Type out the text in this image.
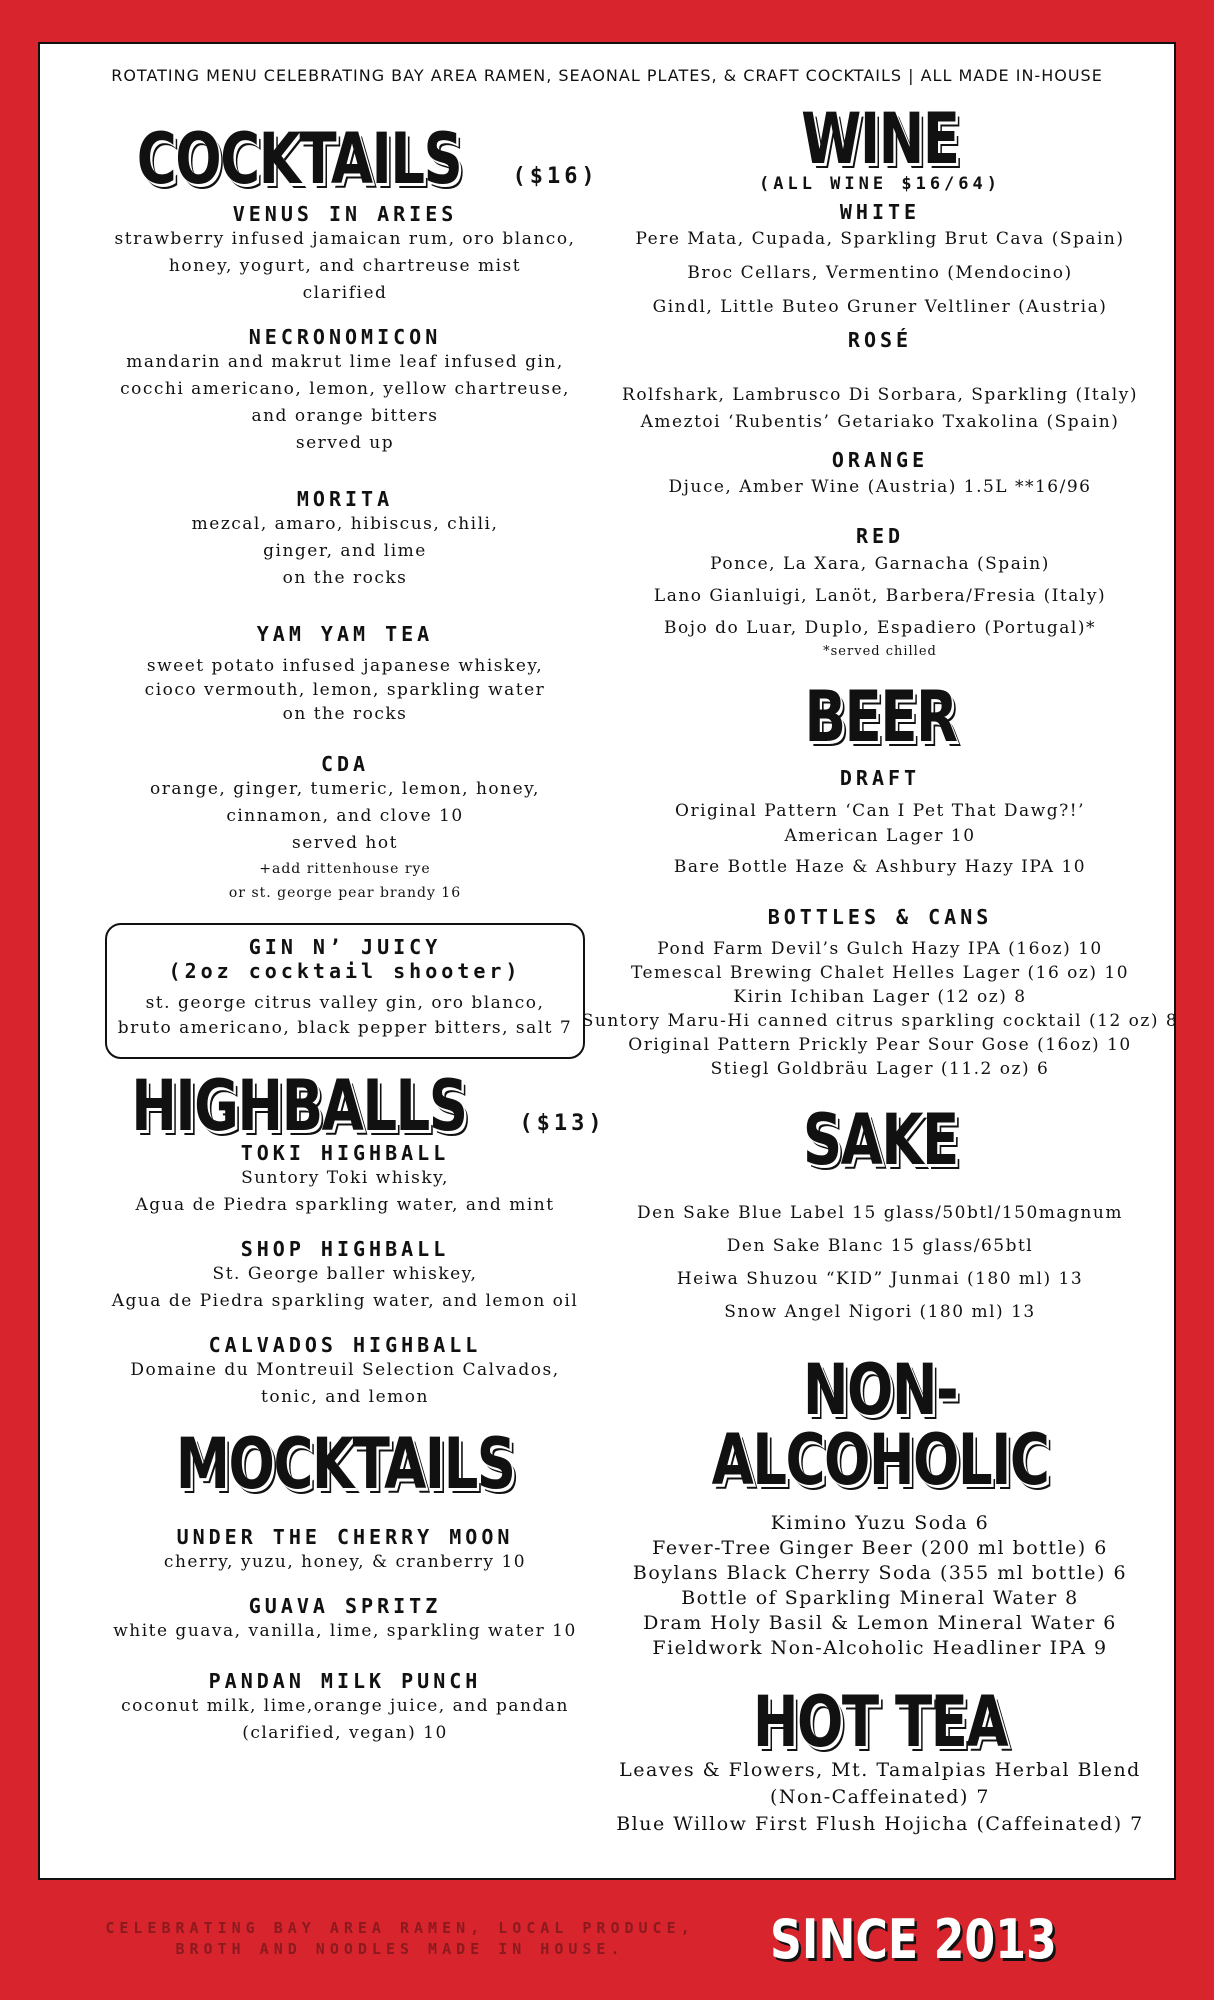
ROTATING MENU CELEBRATING BAY AREA RAMEN, SEAONAL PLATES, & CRAFT COCKTAILS | ALL MADE IN-HOUSE
COCKTAILS ($16)
VENUS IN ARIES
strawberry infused jamaican rum, oro blanco,
honey, yogurt, and chartreuse mist
clarified
NECRONOMICON
mandarin and makrut lime leaf infused gin,
cocchi americano, lemon, yellow chartreuse,
and orange bitters
served up
MORITA
mezcal, amaro, hibiscus, chili,
ginger, and lime
on the rocks
YAM YAM TEA
sweet potato infused japanese whiskey,
cioco vermouth, lemon, sparkling water
on the rocks
CDA
orange, ginger, tumeric, lemon, honey,
cinnamon, and clove 10
served hot
+add rittenhouse rye
or st. george pear brandy 16
GIN N’ JUICY
(2oz cocktail shooter)
st. george citrus valley gin, oro blanco,
bruto americano, black pepper bitters, salt 7
HIGHBALLS ($13)
TOKI HIGHBALL
Suntory Toki whisky,
Agua de Piedra sparkling water, and mint
SHOP HIGHBALL
St. George baller whiskey,
Agua de Piedra sparkling water, and lemon oil
CALVADOS HIGHBALL
Domaine du Montreuil Selection Calvados,
tonic, and lemon
MOCKTAILS
UNDER THE CHERRY MOON
cherry, yuzu, honey, & cranberry 10
GUAVA SPRITZ
white guava, vanilla, lime, sparkling water 10
PANDAN MILK PUNCH
coconut milk, lime,orange juice, and pandan
(clarified, vegan) 10
WINE
(ALL WINE $16/64)
WHITE
Pere Mata, Cupada, Sparkling Brut Cava (Spain)
Broc Cellars, Vermentino (Mendocino)
Gindl, Little Buteo Gruner Veltliner (Austria)
ROSÉ
Rolfshark, Lambrusco Di Sorbara, Sparkling (Italy)
Ameztoi ‘Rubentis’ Getariako Txakolina (Spain)
ORANGE
Djuce, Amber Wine (Austria) 1.5L **16/96
RED
Ponce, La Xara, Garnacha (Spain)
Lano Gianluigi, Lanöt, Barbera/Fresia (Italy)
Bojo do Luar, Duplo, Espadiero (Portugal)*
*served chilled
BEER
DRAFT
Original Pattern ‘Can I Pet That Dawg?!’
American Lager 10
Bare Bottle Haze & Ashbury Hazy IPA 10
BOTTLES & CANS
Pond Farm Devil’s Gulch Hazy IPA (16oz) 10
Temescal Brewing Chalet Helles Lager (16 oz) 10
Kirin Ichiban Lager (12 oz) 8
Suntory Maru-Hi canned citrus sparkling cocktail (12 oz) 8
Original Pattern Prickly Pear Sour Gose (16oz) 10
Stiegl Goldbräu Lager (11.2 oz) 6
SAKE
Den Sake Blue Label 15 glass/50btl/150magnum
Den Sake Blanc 15 glass/65btl
Heiwa Shuzou “KID” Junmai (180 ml) 13
Snow Angel Nigori (180 ml) 13
NON-ALCOHOLIC
Kimino Yuzu Soda 6
Fever-Tree Ginger Beer (200 ml bottle) 6
Boylans Black Cherry Soda (355 ml bottle) 6
Bottle of Sparkling Mineral Water 8
Dram Holy Basil & Lemon Mineral Water 6
Fieldwork Non-Alcoholic Headliner IPA 9
HOT TEA
Leaves & Flowers, Mt. Tamalpias Herbal Blend
(Non-Caffeinated) 7
Blue Willow First Flush Hojicha (Caffeinated) 7
CELEBRATING BAY AREA RAMEN, LOCAL PRODUCE,
BROTH AND NOODLES MADE IN HOUSE.	SINCE 2013
